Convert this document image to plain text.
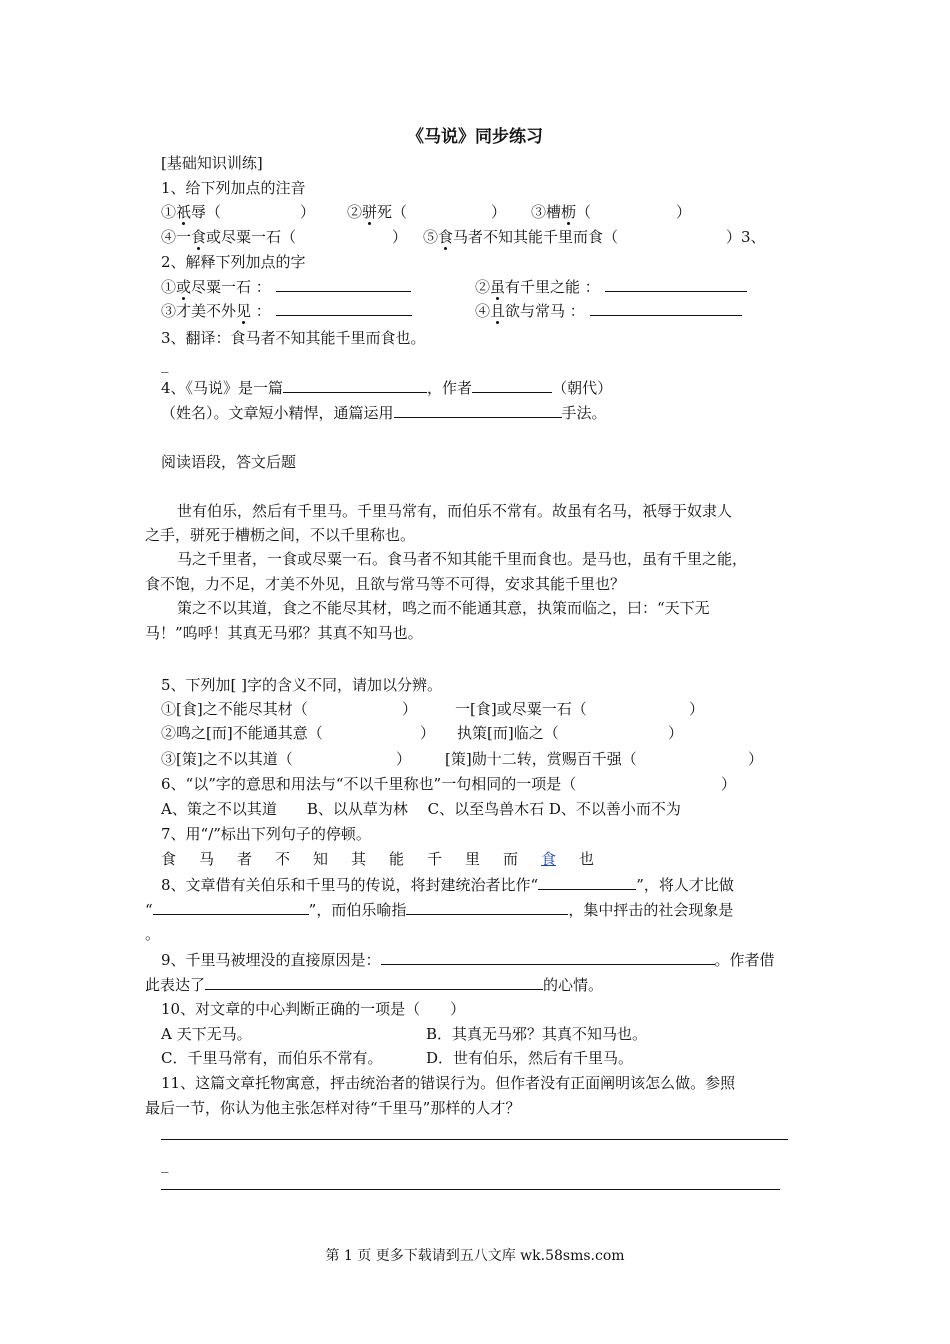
《马说》同步练习
[基础知识训练]
1、给下列加点的注音
①祇辱（	） ②骈死（	） ③槽枥（	）
④一食或尽粟一石（	） ⑤食马者不知其能千里而食（	）3、
2、解释下列加点的字
①或尽粟一石 ：	②虽有千里之能 ：
③才美不外见 ：	④且欲与常马 ：
3、翻译：食马者不知其能千里而食也。
_
4、《马说》是一篇	，作者	（朝代）
（姓名）。文章短小精悍，通篇运用	手法。
阅读语段，答文后题
世有伯乐，然后有千里马。千里马常有，而伯乐不常有。故虽有名马，祇辱于奴隶人
之手，骈死于槽枥之间，不以千里称也。
马之千里者，一食或尽粟一石。食马者不知其能千里而食也。是马也，虽有千里之能，
食不饱，力不足，才美不外见，且欲与常马等不可得，安求其能千里也？
策之不以其道，食之不能尽其材，鸣之而不能通其意，执策而临之，曰：“天下无
马！”呜呼！其真无马邪？其真不知马也。
5、下列加[ ]字的含义不同，请加以分辨。
①[食]之不能尽其材（	）	一[食]或尽粟一石（	）
②鸣之[而]不能通其意（	） 执策[而]临之（	）
③[策]之不以其道（	） [策]勋十二转，赏赐百千强（	）
6、“以”字的意思和用法与“不以千里称也”一句相同的一项是（	）
A、策之不以其道　　B、以从草为林　 C、以至鸟兽木石 D、不以善小而不为
7、用“/”标出下列句子的停顿。
食 马 者 不 知 其 能 千 里 而 食 也
8、文章借有关伯乐和千里马的传说，将封建统治者比作“	”，将人才比做
“	”，而伯乐喻指	，集中抨击的社会现象是
。
9、千里马被埋没的直接原因是：	。作者借
此表达了	的心情。
10、对文章的中心判断正确的一项是（　　）
A 天下无马。	B．其真无马邪？其真不知马也。
C．千里马常有，而伯乐不常有。	D．世有伯乐，然后有千里马。
11、这篇文章托物寓意，抨击统治者的错误行为。但作者没有正面阐明该怎么做。参照
最后一节，你认为他主张怎样对待“千里马”那样的人才？
_
第 1 页 更多下载请到五八文库 wk.58sms.com
